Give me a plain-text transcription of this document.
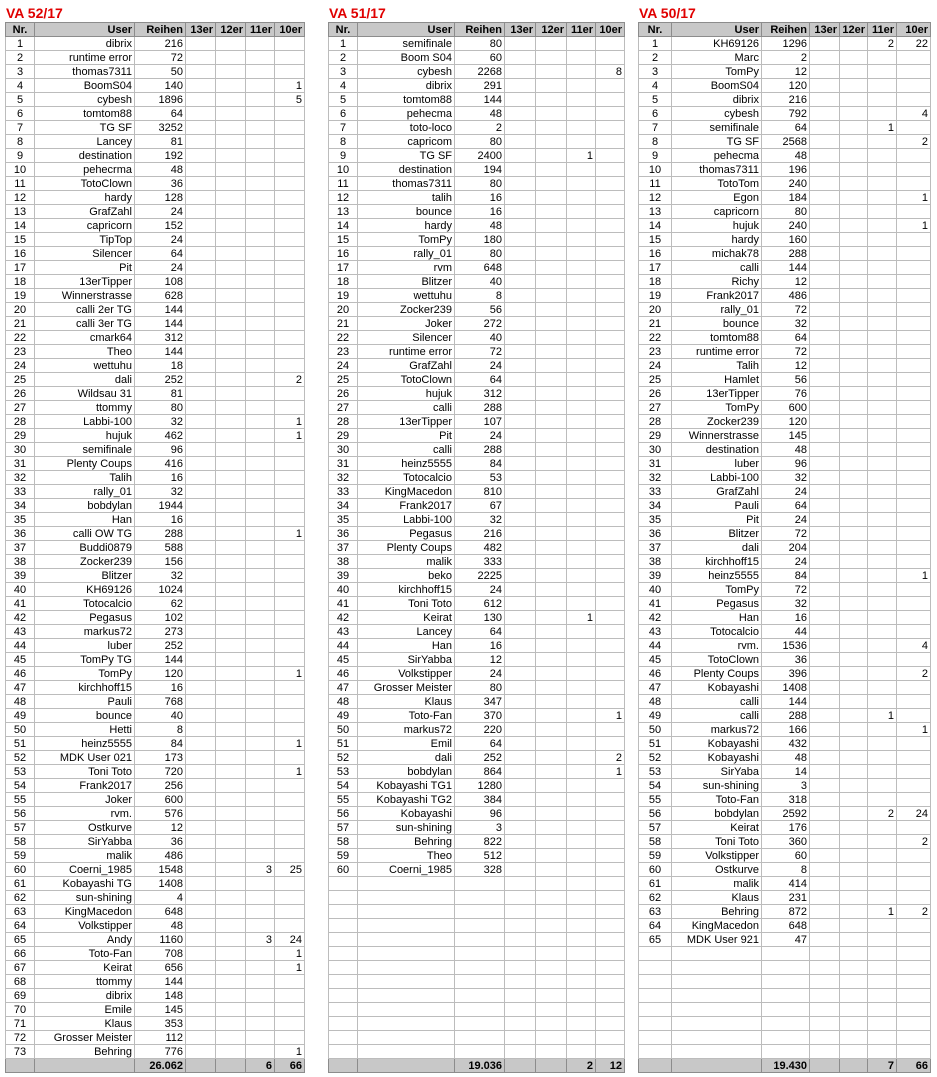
VA 52/17
Nr.	User	Reihen	13er	12er	11er	10er
1	dibrix	216				
2	runtime error	72				
3	thomas7311	50				
4	BoomS04	140				1
5	cybesh	1896				5
6	tomtom88	64				
7	TG SF	3252				
8	Lancey	81				
9	destination	192				
10	pehecrma	48				
11	TotoClown	36				
12	hardy	128				
13	GrafZahl	24				
14	capricorn	152				
15	TipTop	24				
16	Silencer	64				
17	Pit	24				
18	13erTipper	108				
19	Winnerstrasse	628				
20	calli 2er TG	144				
21	calli 3er TG	144				
22	cmark64	312				
23	Theo	144				
24	wettuhu	18				
25	dali	252				2
26	Wildsau 31	81				
27	ttommy	80				
28	Labbi-100	32				1
29	hujuk	462				1
30	semifinale	96				
31	Plenty Coups	416				
32	Talih	16				
33	rally_01	32				
34	bobdylan	1944				
35	Han	16				
36	calli OW TG	288				1
37	Buddi0879	588				
38	Zocker239	156				
39	Blitzer	32				
40	KH69126	1024				
41	Totocalcio	62				
42	Pegasus	102				
43	markus72	273				
44	luber	252				
45	TomPy TG	144				
46	TomPy	120				1
47	kirchhoff15	16				
48	Pauli	768				
49	bounce	40				
50	Hetti	8				
51	heinz5555	84				1
52	MDK User 021	173				
53	Toni Toto	720				1
54	Frank2017	256				
55	Joker	600				
56	rvm.	576				
57	Ostkurve	12				
58	SirYabba	36				
59	malik	486				
60	Coerni_1985	1548			3	25
61	Kobayashi TG	1408				
62	sun-shining	4				
63	KingMacedon	648				
64	Volkstipper	48				
65	Andy	1160			3	24
66	Toto-Fan	708				1
67	Keirat	656				1
68	ttommy	144				
69	dibrix	148				
70	Emile	145				
71	Klaus	353				
72	Grosser Meister	112				
73	Behring	776				1
		26.062			6	66
VA 51/17
Nr.	User	Reihen	13er	12er	11er	10er
1	semifinale	80				
2	Boom S04	60				
3	cybesh	2268				8
4	dibrix	291				
5	tomtom88	144				
6	pehecma	48				
7	toto-loco	2				
8	capricom	80				
9	TG SF	2400			1	
10	destination	194				
11	thomas7311	80				
12	talih	16				
13	bounce	16				
14	hardy	48				
15	TomPy	180				
16	rally_01	80				
17	rvm	648				
18	Blitzer	40				
19	wettuhu	8				
20	Zocker239	56				
21	Joker	272				
22	Silencer	40				
23	runtime error	72				
24	GrafZahl	24				
25	TotoClown	64				
26	hujuk	312				
27	calli	288				
28	13erTipper	107				
29	Pit	24				
30	calli	288				
31	heinz5555	84				
32	Totocalcio	53				
33	KingMacedon	810				
34	Frank2017	67				
35	Labbi-100	32				
36	Pegasus	216				
37	Plenty Coups	482				
38	malik	333				
39	beko	2225				
40	kirchhoff15	24				
41	Toni Toto	612				
42	Keirat	130			1	
43	Lancey	64				
44	Han	16				
45	SirYabba	12				
46	Volkstipper	24				
47	Grosser Meister	80				
48	Klaus	347				
49	Toto-Fan	370				1
50	markus72	220				
51	Emil	64				
52	dali	252				2
53	bobdylan	864				1
54	Kobayashi TG1	1280				
55	Kobayashi TG2	384				
56	Kobayashi	96				
57	sun-shining	3				
58	Behring	822				
59	Theo	512				
60	Coerni_1985	328				

		19.036			2	12
VA 50/17
Nr.	User	Reihen	13er	12er	11er	10er
1	KH69126	1296			2	22
2	Marc	2				
3	TomPy	12				
4	BoomS04	120				
5	dibrix	216				
6	cybesh	792				4
7	semifinale	64			1	
8	TG SF	2568				2
9	pehecma	48				
10	thomas7311	196				
11	TotoTom	240				
12	Egon	184				1
13	capricorn	80				
14	hujuk	240				1
15	hardy	160				
16	michak78	288				
17	calli	144				
18	Richy	12				
19	Frank2017	486				
20	rally_01	72				
21	bounce	32				
22	tomtom88	64				
23	runtime error	72				
24	Talih	12				
25	Hamlet	56				
26	13erTipper	76				
27	TomPy	600				
28	Zocker239	120				
29	Winnerstrasse	145				
30	destination	48				
31	luber	96				
32	Labbi-100	32				
33	GrafZahl	24				
34	Pauli	64				
35	Pit	24				
36	Blitzer	72				
37	dali	204				
38	kirchhoff15	24				
39	heinz5555	84				1
40	TomPy	72				
41	Pegasus	32				
42	Han	16				
43	Totocalcio	44				
44	rvm.	1536				4
45	TotoClown	36				
46	Plenty Coups	396				2
47	Kobayashi	1408				
48	calli	144				
49	calli	288			1	
50	markus72	166				1
51	Kobayashi	432				
52	Kobayashi	48				
53	SirYaba	14				
54	sun-shining	3				
55	Toto-Fan	318				
56	bobdylan	2592			2	24
57	Keirat	176				
58	Toni Toto	360				2
59	Volkstipper	60				
60	Ostkurve	8				
61	malik	414				
62	Klaus	231				
63	Behring	872			1	2
64	KingMacedon	648				
65	MDK User 921	47				

		19.430			7	66
